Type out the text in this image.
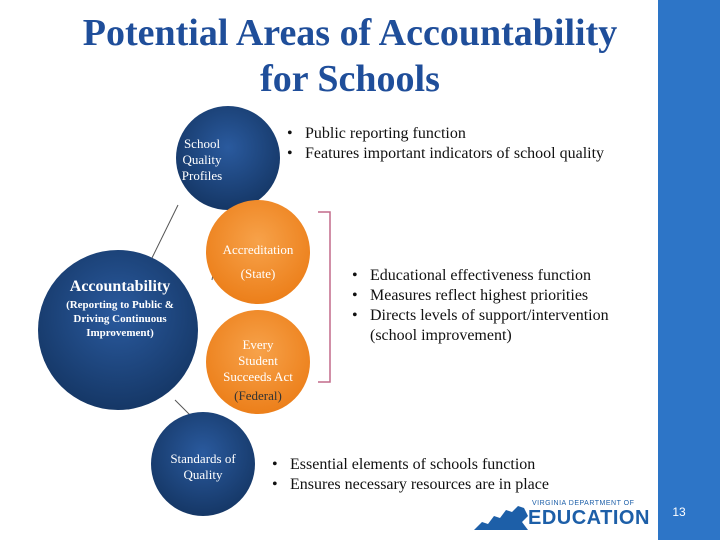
13
Potential Areas of Accountability for Schools
School
Quality
Profiles
Accreditation
(State)
Every
Student
Succeeds Act
(Federal)
Accountability
(Reporting to Public & Driving Continuous Improvement)
Standards of
Quality
• Public reporting function
• Features important indicators of school quality
• Educational effectiveness function
• Measures reflect highest priorities
• Directs levels of support/intervention (school improvement)
• Essential elements of schools function
• Ensures necessary resources are in place
VIRGINIA DEPARTMENT OF
EDUCATION
